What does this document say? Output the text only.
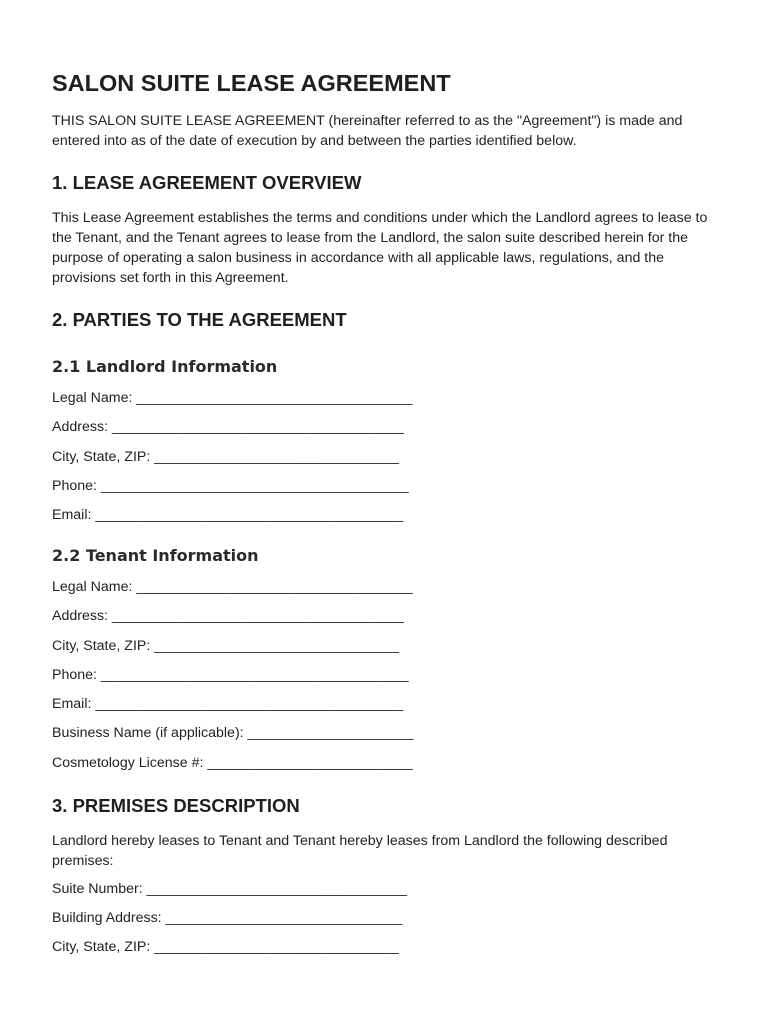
SALON SUITE LEASE AGREEMENT

THIS SALON SUITE LEASE AGREEMENT (hereinafter referred to as the "Agreement") is made and entered into as of the date of execution by and between the parties identified below.

1. LEASE AGREEMENT OVERVIEW

This Lease Agreement establishes the terms and conditions under which the Landlord agrees to lease to the Tenant, and the Tenant agrees to lease from the Landlord, the salon suite described herein for the purpose of operating a salon business in accordance with all applicable laws, regulations, and the provisions set forth in this Agreement.

2. PARTIES TO THE AGREEMENT
2.1 Landlord Information

Legal Name: ___________________________________

Address: _____________________________________

City, State, ZIP: _______________________________

Phone: _______________________________________

Email: _______________________________________

2.2 Tenant Information

Legal Name: ___________________________________

Address: _____________________________________

City, State, ZIP: _______________________________

Phone: _______________________________________

Email: _______________________________________

Business Name (if applicable): _____________________

Cosmetology License #: __________________________

3. PREMISES DESCRIPTION

Landlord hereby leases to Tenant and Tenant hereby leases from Landlord the following described premises:

Suite Number: _________________________________

Building Address: ______________________________

City, State, ZIP: _______________________________
